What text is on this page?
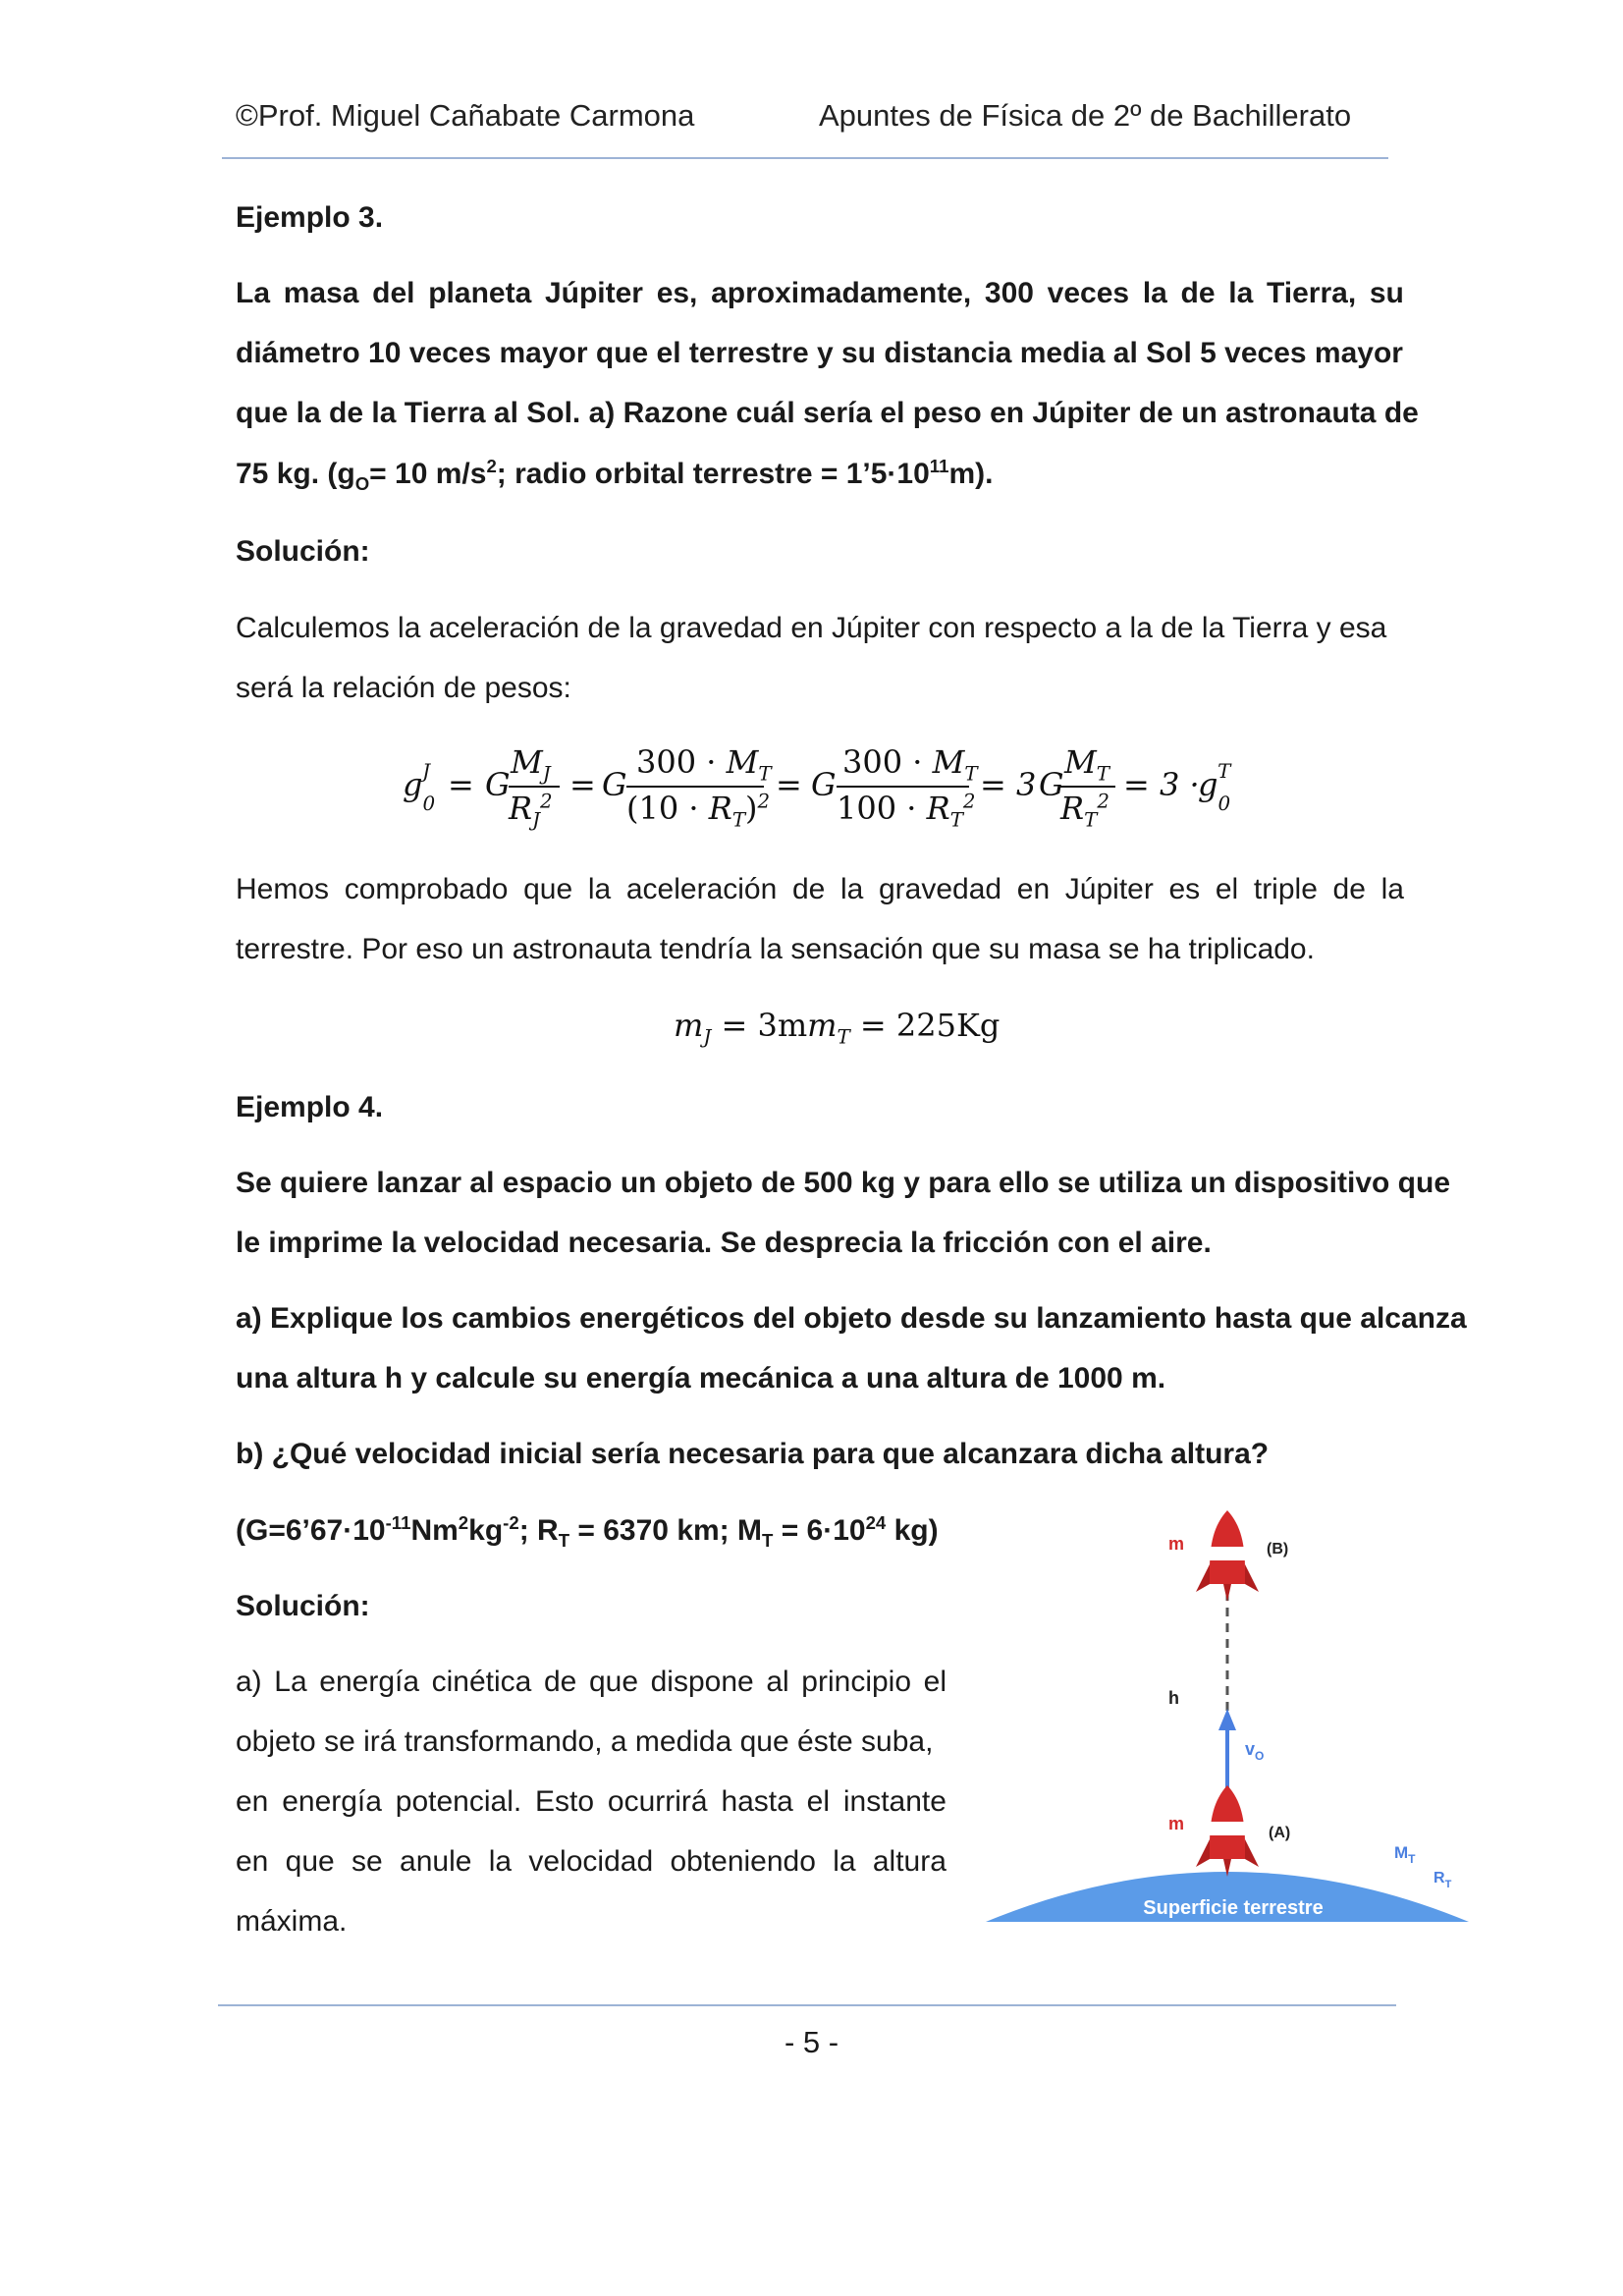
©Prof. Miguel Cañabate Carmona	Apuntes de Física de 2º de Bachillerato
Ejemplo 3.
La masa del planeta Júpiter es, aproximadamente, 300 veces la de la Tierra, su
diámetro 10 veces mayor que el terrestre y su distancia media al Sol 5 veces mayor
que la de la Tierra al Sol. a) Razone cuál sería el peso en Júpiter de un astronauta de
75 kg. ($g_O= 10$ $m/s^2$; radio orbital terrestre = $1’5\cdot 10^{11}m$).
Solución:
Calculemos la aceleración de la gravedad en Júpiter con respecto a la de la Tierra y esa
será la relación de pesos:
$g_0^J = G$
$M_J$
$R_J^2 = G$
$300 \cdot M_T$
$(10 \cdot R_T)^2 = G$
$300 \cdot M_T$
$100 \cdot R_T^2 = 3$ G
$M_T$
$R_T^2 = 3$ ·
$g_0^T$
Hemos comprobado que la aceleración de la gravedad en Júpiter es el triple de la
terrestre. Por eso un astronauta tendría la sensación que su masa se ha triplicado.
$m_J = 3mm_T = 225Kg$
Ejemplo 4.
Se quiere lanzar al espacio un objeto de 500 kg y para ello se utiliza un dispositivo que
le imprime la velocidad necesaria. Se desprecia la fricción con el aire.
a) Explique los cambios energéticos del objeto desde su lanzamiento hasta que alcanza
una altura h y calcule su energía mecánica a una altura de 1000 m.
b) ¿Qué velocidad inicial sería necesaria para que alcanzara dicha altura?
($G=6’67\cdot 10^{-11}Nm^2kg^{-2}$; $R_T = 6370$ km; $M_T = 6\cdot 10^{24}$ kg)
Solución:
a) La energía cinética de que dispone al principio el
objeto se irá transformando, a medida que éste suba,
en energía potencial. Esto ocurrirá hasta el instante
en que se anule la velocidad obteniendo la altura
máxima.	Superficie terrestre
m	(B)
h
$v_O$
m	(A)
$M_T$
$R_T$
- 5 -
